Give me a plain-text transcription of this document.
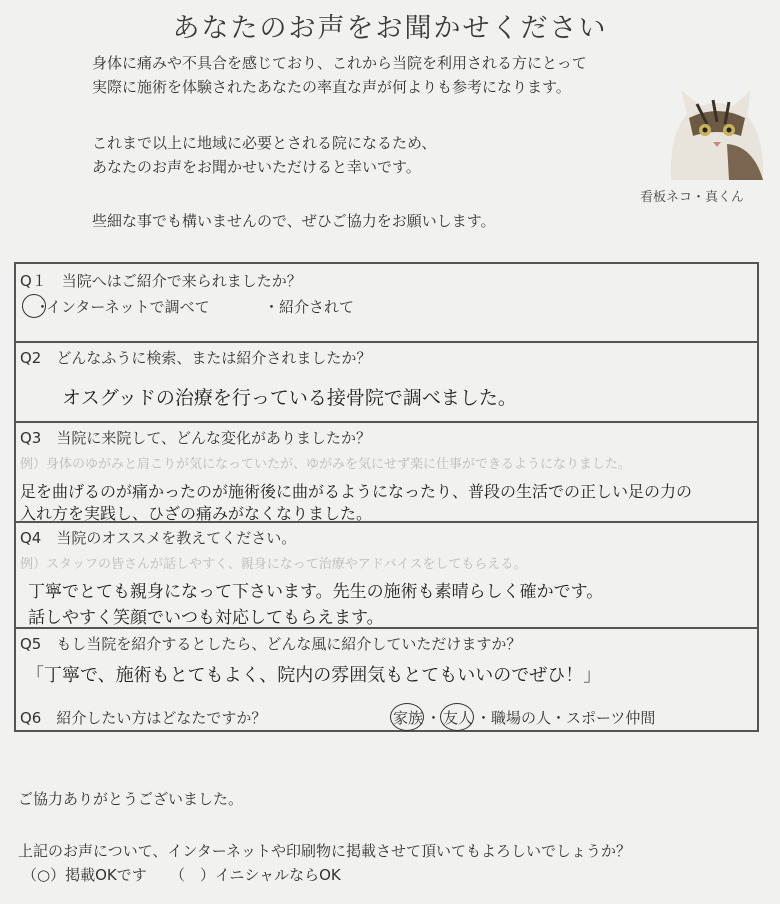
あなたのお声をお聞かせください
身体に痛みや不具合を感じており、これから当院を利用される方にとって
実際に施術を体験されたあなたの率直な声が何よりも参考になります。
これまで以上に地域に必要とされる院になるため、
あなたのお声をお聞かせいただけると幸いです。
些細な事でも構いませんので、ぜひご協力をお願いします。
看板ネコ・真くん
Q１　当院へはご紹介で来られましたか？
・
インターネットで調べて	・紹介されて
Q2　どんなふうに検索、または紹介されましたか？
オスグッドの治療を行っている接骨院で調べました。
Q3　当院に来院して、どんな変化がありましたか？
例）身体のゆがみと肩こりが気になっていたが、ゆがみを気にせず楽に仕事ができるようになりました。
足を曲げるのが痛かったのが施術後に曲がるようになったり、普段の生活での正しい足の力の
入れ方を実践し、ひざの痛みがなくなりました。
Q4　当院のオススメを教えてください。
例）スタッフの皆さんが話しやすく、親身になって治療やアドバイスをしてもらえる。
丁寧でとても親身になって下さいます。先生の施術も素晴らしく確かです。
話しやすく笑顔でいつも対応してもらえます。
Q5　もし当院を紹介するとしたら、どんな風に紹介していただけますか？
「丁寧で、施術もとてもよく、院内の雰囲気もとてもいいのでぜひ！」
Q6　紹介したい方はどなたですか？	家族 ・ 友人 ・職場の人・スポーツ仲間
ご協力ありがとうございました。
上記のお声について、インターネットや印刷物に掲載させて頂いてもよろしいでしょうか？
（○）掲載OKです （　）イニシャルならOK
